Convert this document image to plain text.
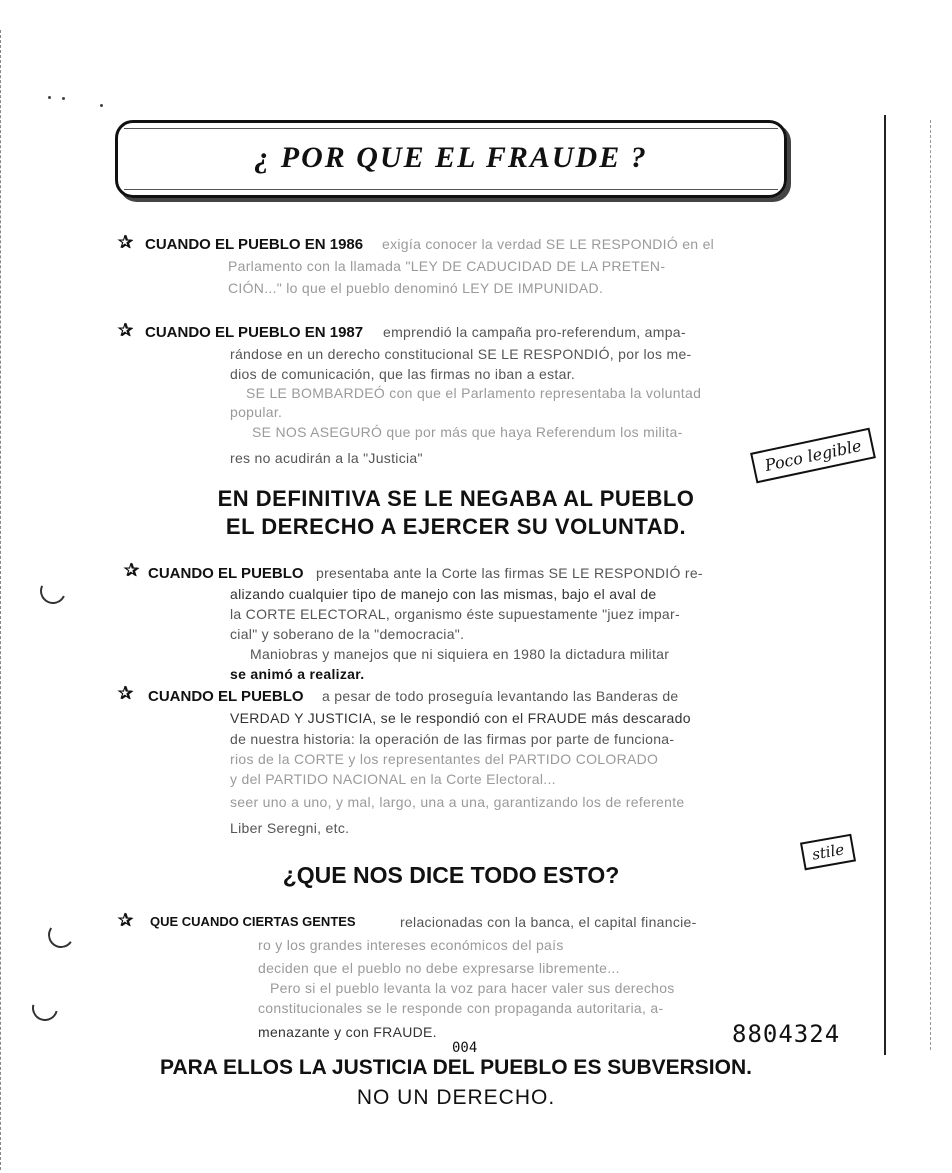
¿ POR QUE EL FRAUDE ?
✰ CUANDO EL PUEBLO EN 1986 exigía conocer la verdad SE LE RESPONDIÓ en el
Parlamento con la llamada "LEY DE CADUCIDAD DE LA PRETEN-
CIÓN..." lo que el pueblo denominó LEY DE IMPUNIDAD.
✰ CUANDO EL PUEBLO EN 1987 emprendió la campaña pro-referendum, ampa-
rándose en un derecho constitucional SE LE RESPONDIÓ, por los me-
dios de comunicación, que las firmas no iban a estar.
SE LE BOMBARDEÓ con que el Parlamento representaba la voluntad
popular.
SE NOS ASEGURÓ que por más que haya Referendum los milita-
res no acudirán a la "Justicia"	Poco legible
EN DEFINITIVA SE LE NEGABA AL PUEBLO
EL DERECHO A EJERCER SU VOLUNTAD.
✰ CUANDO EL PUEBLO presentaba ante la Corte las firmas SE LE RESPONDIÓ re-
alizando cualquier tipo de manejo con las mismas, bajo el aval de
la CORTE ELECTORAL, organismo éste supuestamente "juez impar-
cial" y soberano de la "democracia".
Maniobras y manejos que ni siquiera en 1980 la dictadura militar
se animó a realizar.
✰ CUANDO EL PUEBLO a pesar de todo proseguía levantando las Banderas de
VERDAD Y JUSTICIA, se le respondió con el FRAUDE más descarado
de nuestra historia: la operación de las firmas por parte de funciona-
rios de la CORTE y los representantes del PARTIDO COLORADO
y del PARTIDO NACIONAL en la Corte Electoral...
seer uno a uno, y mal, largo, una a una, garantizando los de referente
Liber Seregni, etc.
stile
¿QUE NOS DICE TODO ESTO?
✰ QUE CUANDO CIERTAS GENTES	relacionadas con la banca, el capital financie-
ro y los grandes intereses económicos del país
deciden que el pueblo no debe expresarse libremente...
Pero si el pueblo levanta la voz para hacer valer sus derechos
constitucionales se le responde con propaganda autoritaria, a-
menazante y con FRAUDE.	8804324
004
PARA ELLOS LA JUSTICIA DEL PUEBLO ES SUBVERSION.
NO UN DERECHO.
